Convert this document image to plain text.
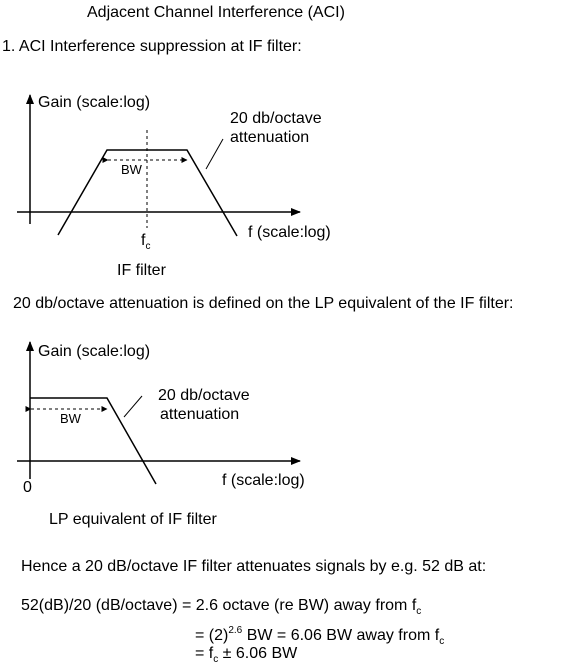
Adjacent Channel Interference (ACI)
1. ACI Interference suppression at IF filter:
Gain (scale:log)
20 db/octave
attenuation
BW
f (scale:log)
$f_c$
IF filter
20 db/octave attenuation is defined on the LP equivalent of the IF filter:
Gain (scale:log)
20 db/octave
attenuation
BW
f (scale:log)
0
LP equivalent of IF filter
Hence a 20 dB/octave IF filter attenuates signals by e.g. 52 dB at:
52(dB)/20 (dB/octave) = 2.6 octave (re BW) away from $f_c$
= $(2)^{2.6}$ BW = 6.06 BW away from $f_c$
= $f_c \pm 6.06$ BW
